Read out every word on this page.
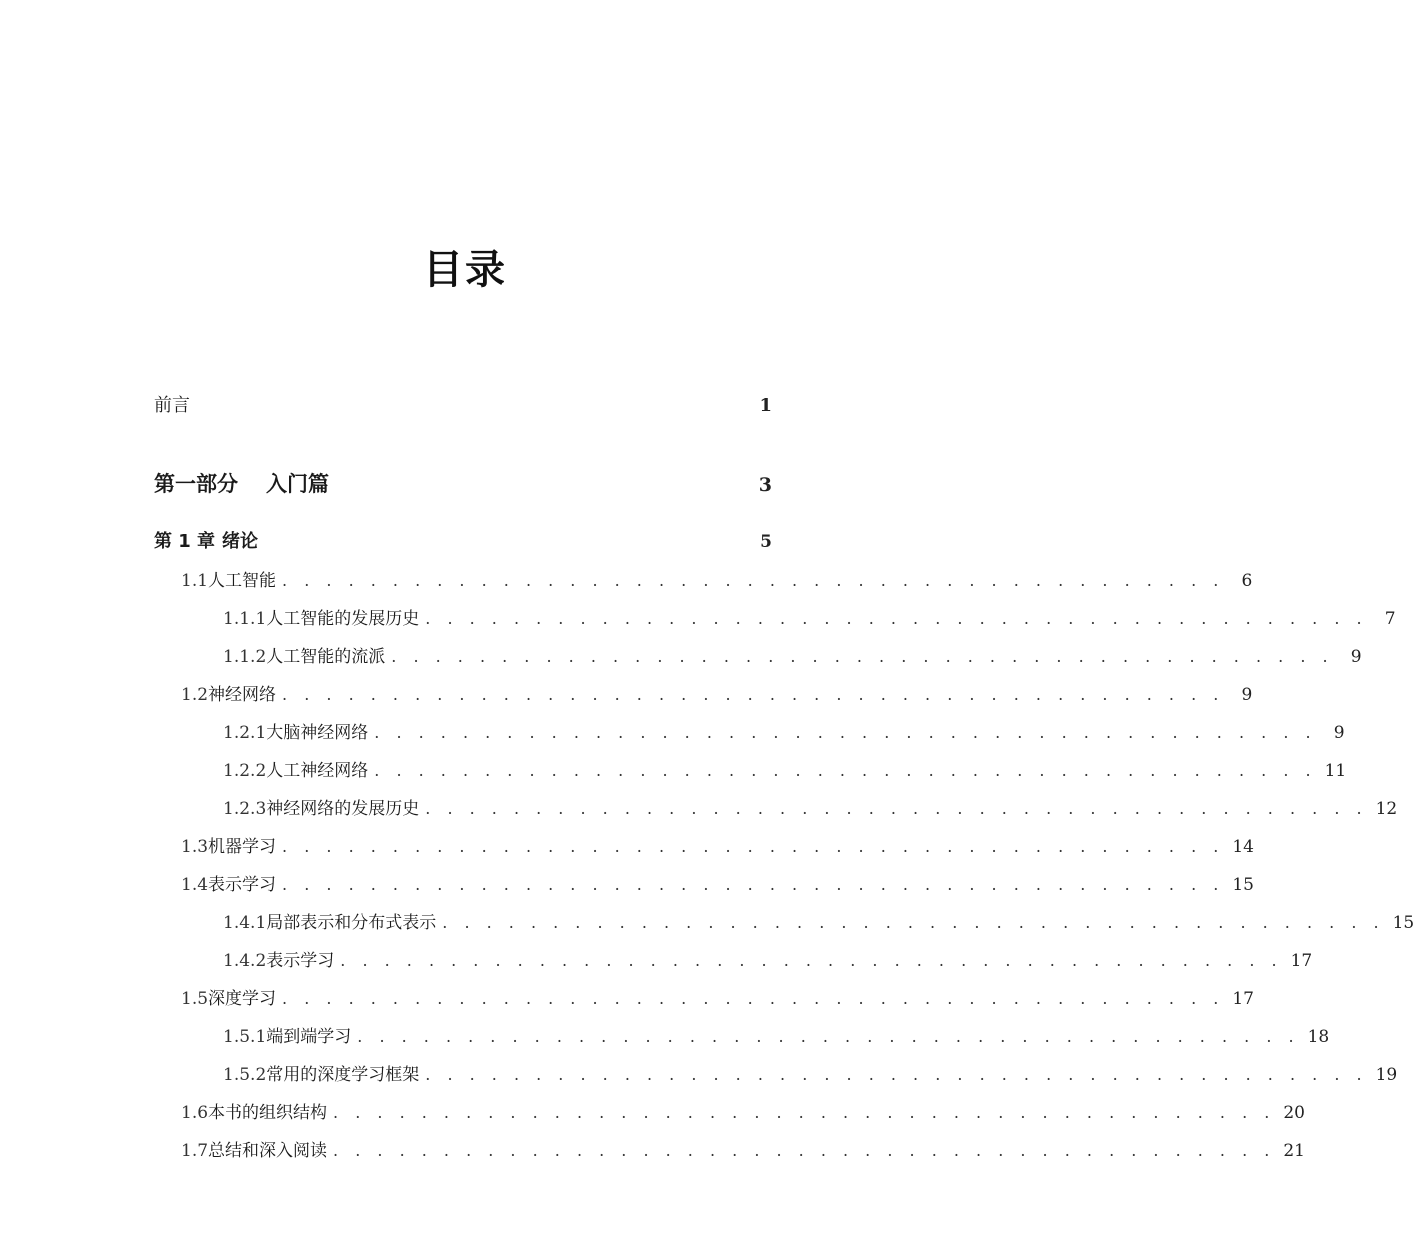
目录
前言	1
第一部分	入门篇	3
第 1 章 绪论	5
1.1 人工智能 . . . . . . . . . . . . . . . . . . . . . . . . . . . . . . . . . . . . . . . . . . .	6
1.1.1 人工智能的发展历史 . . . . . . . . . . . . . . . . . . . . . . . . . . . . . . . . . . . . . . . . . . .	7
1.1.2 人工智能的流派 . . . . . . . . . . . . . . . . . . . . . . . . . . . . . . . . . . . . . . . . . . .	9
1.2 神经网络 . . . . . . . . . . . . . . . . . . . . . . . . . . . . . . . . . . . . . . . . . . .	9
1.2.1 大脑神经网络 . . . . . . . . . . . . . . . . . . . . . . . . . . . . . . . . . . . . . . . . . . .	9
1.2.2 人工神经网络 . . . . . . . . . . . . . . . . . . . . . . . . . . . . . . . . . . . . . . . . . . . 11
1.2.3 神经网络的发展历史 . . . . . . . . . . . . . . . . . . . . . . . . . . . . . . . . . . . . . . . . . . . 12
1.3 机器学习 . . . . . . . . . . . . . . . . . . . . . . . . . . . . . . . . . . . . . . . . . . . 14
1.4 表示学习 . . . . . . . . . . . . . . . . . . . . . . . . . . . . . . . . . . . . . . . . . . . 15
1.4.1 局部表示和分布式表示 . . . . . . . . . . . . . . . . . . . . . . . . . . . . . . . . . . . . . . . . . . . 15
1.4.2 表示学习 . . . . . . . . . . . . . . . . . . . . . . . . . . . . . . . . . . . . . . . . . . . 17
1.5 深度学习 . . . . . . . . . . . . . . . . . . . . . . . . . . . . . . . . . . . . . . . . . . . 17
1.5.1 端到端学习 . . . . . . . . . . . . . . . . . . . . . . . . . . . . . . . . . . . . . . . . . . . 18
1.5.2 常用的深度学习框架 . . . . . . . . . . . . . . . . . . . . . . . . . . . . . . . . . . . . . . . . . . . 19
1.6 本书的组织结构 . . . . . . . . . . . . . . . . . . . . . . . . . . . . . . . . . . . . . . . . . . . 20
1.7 总结和深入阅读 . . . . . . . . . . . . . . . . . . . . . . . . . . . . . . . . . . . . . . . . . . . 21
